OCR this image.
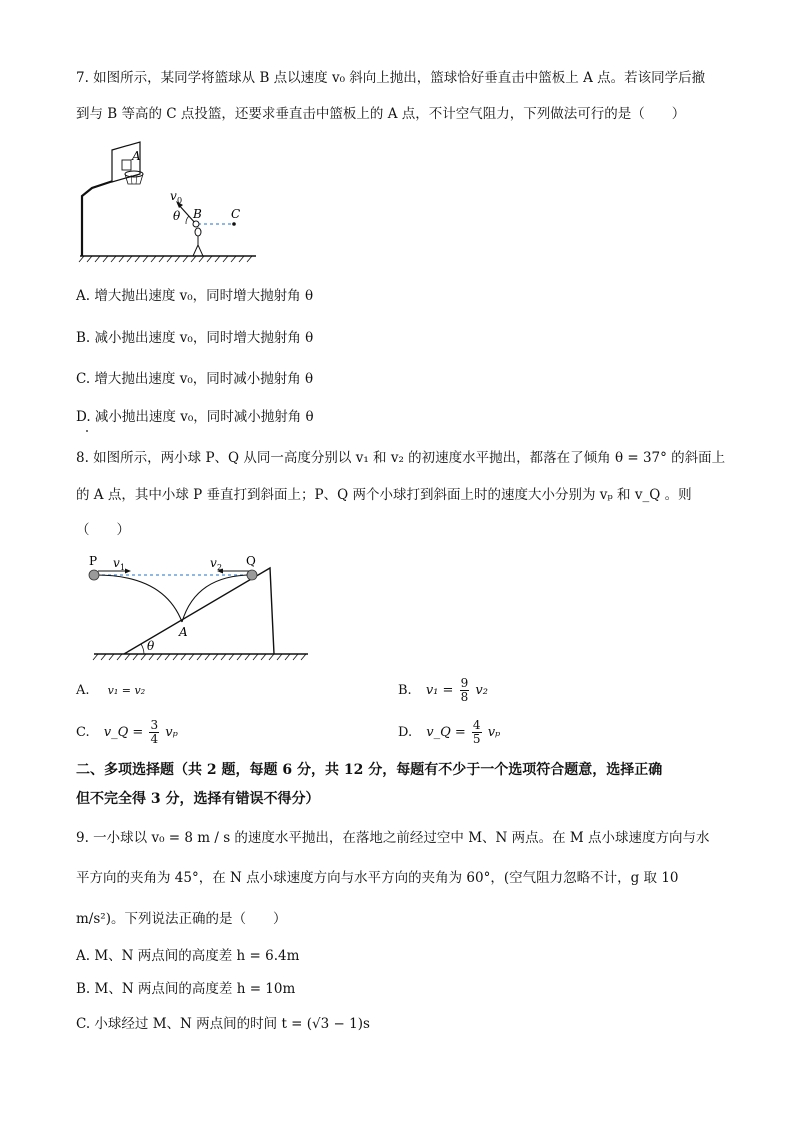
7. 如图所示，某同学将篮球从 B 点以速度 v₀ 斜向上抛出，篮球恰好垂直击中篮板上 A 点。若该同学后撤
到与 B 等高的 C 点投篮，还要求垂直击中篮板上的 A 点，不计空气阻力，下列做法可行的是（　　）
A
v 0
θ B C
A. 增大抛出速度 v₀，同时增大抛射角 θ
B. 减小抛出速度 v₀，同时增大抛射角 θ
C. 增大抛出速度 v₀，同时减小抛射角 θ
D. 减小抛出速度 v₀，同时减小抛射角 θ
8. 如图所示，两小球 P、Q 从同一高度分别以 v₁ 和 v₂ 的初速度水平抛出，都落在了倾角 θ = 37° 的斜面上
的 A 点，其中小球 P 垂直打到斜面上；P、Q 两个小球打到斜面上时的速度大小分别为 vₚ 和 v_Q 。则
（　　）
P	Q
v 1	v 2
A
θ
A. v₁ = v₂	B. $v_1 = \frac{9}{8} v_2$
C. v_Q = $\frac{3}{4}$ vₚ	D. v_Q = $\frac{4}{5}$ vₚ
二、多项选择题（共 2 题，每题 6 分，共 12 分，每题有不少于一个选项符合题意，选择正确
但不完全得 3 分，选择有错误不得分）
9. 一小球以 v₀ = 8 m / s 的速度水平抛出，在落地之前经过空中 M、N 两点。在 M 点小球速度方向与水
平方向的夹角为 45°，在 N 点小球速度方向与水平方向的夹角为 60°，(空气阻力忽略不计，g 取 10
m/s²)。下列说法正确的是（　　）
A. M、N 两点间的高度差 h = 6.4m
B. M、N 两点间的高度差 h = 10m
C. 小球经过 M、N 两点间的时间 t = (√3 − 1)s
